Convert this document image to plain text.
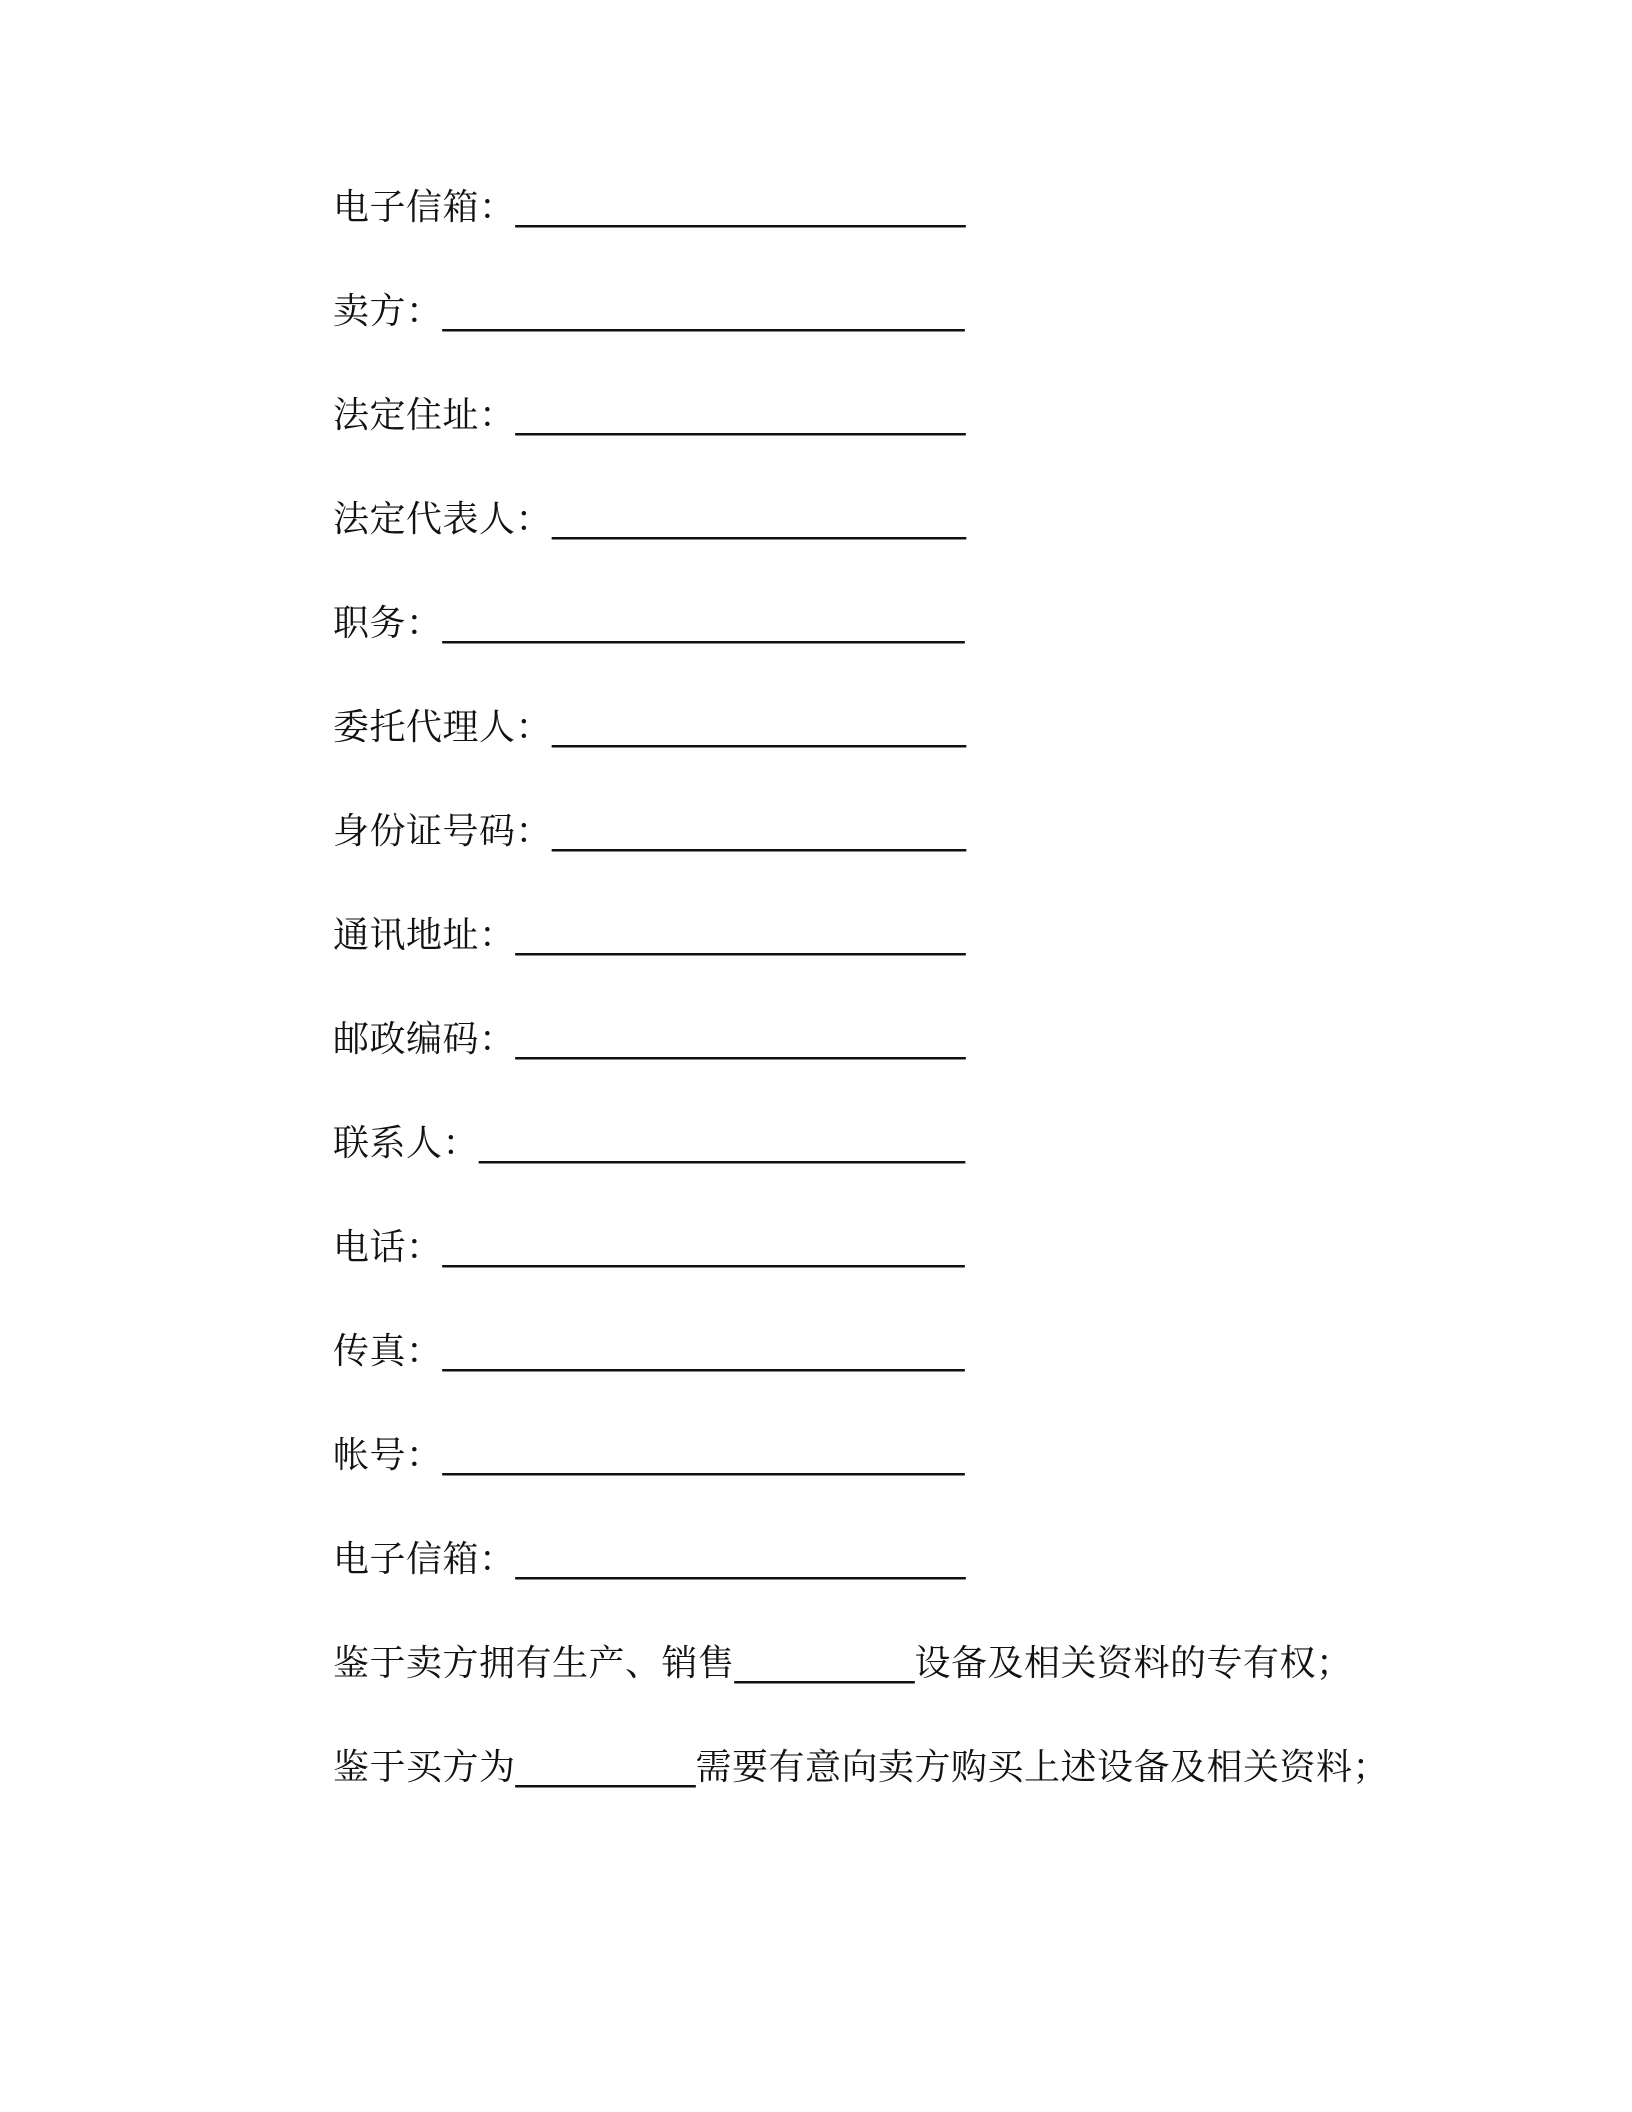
电子信箱： _________________________
卖方： _____________________________
法定住址： _________________________
法定代表人： _______________________
职务： _____________________________
委托代理人： _______________________
身份证号码： _______________________
通讯地址： _________________________
邮政编码： _________________________
联系人： ___________________________
电话： _____________________________
传真： _____________________________
帐号： _____________________________
电子信箱： _________________________
鉴于卖方拥有生产、销售 __________ 设备及相关资料的专有权；
鉴于买方为 __________ 需要有意向卖方购买上述设备及相关资料；
